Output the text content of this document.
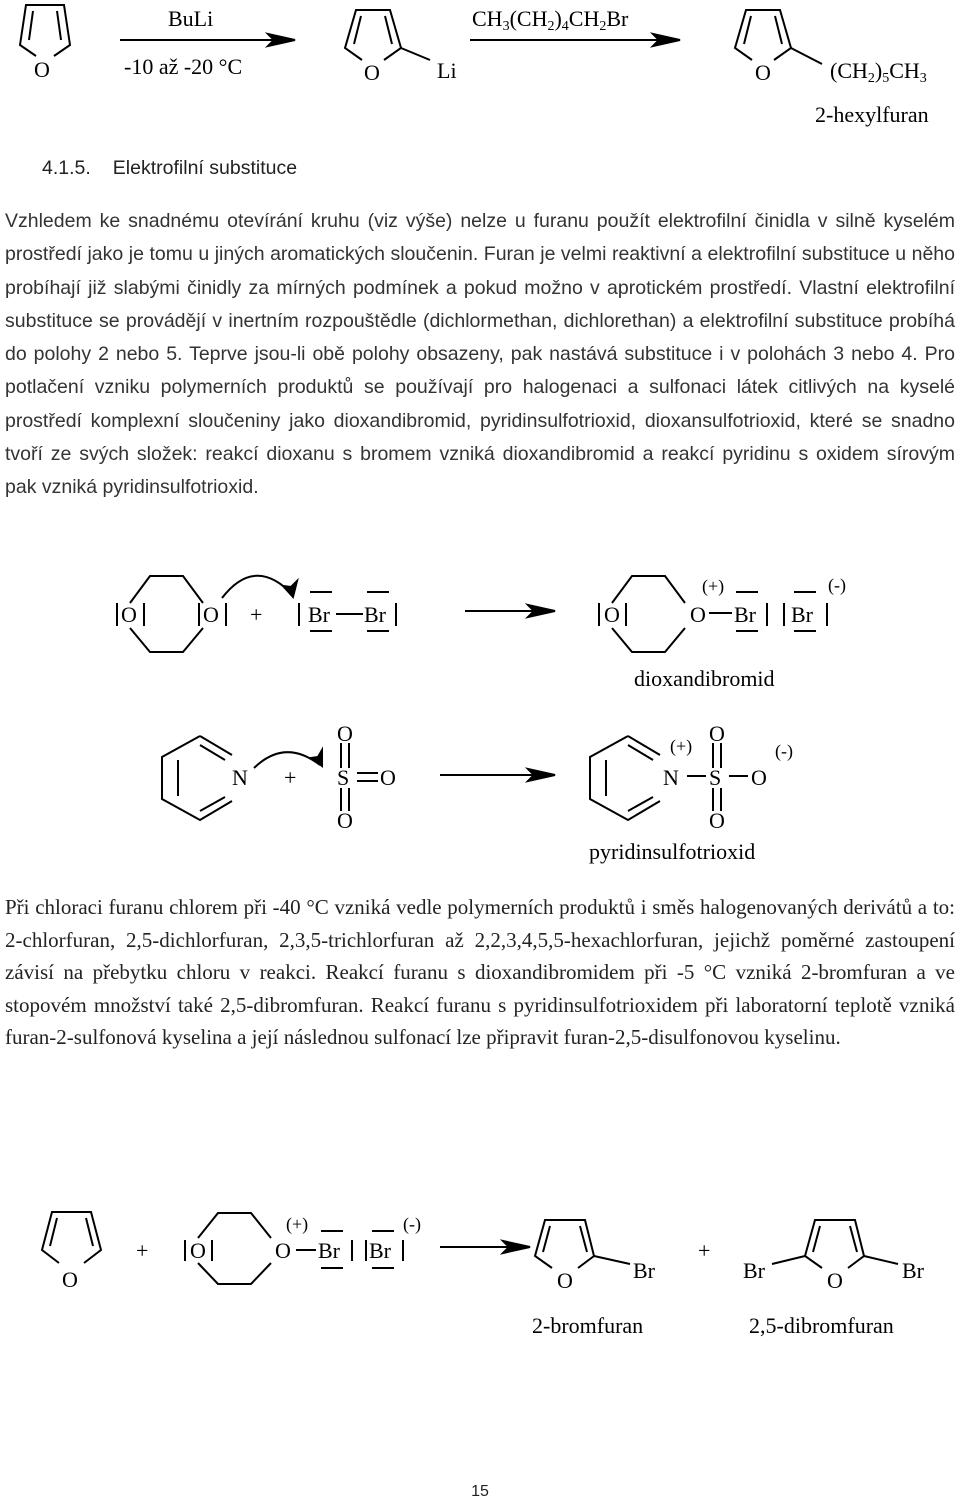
O
BuLi
-10 až -20 °C	O	Li
$CH_3(CH_2)_4CH_2Br$
O	$(CH_2)_5CH_3$
2-hexylfuran
4.1.5. Elektrofilní substituce

Vzhledem ke snadnému otevírání kruhu (viz výše) nelze u furanu použít elektrofilní činidla v silně kyselém prostředí jako je tomu u jiných aromatických sloučenin. Furan je velmi reaktivní a elektrofilní substituce u něho probíhají již slabými činidly za mírných podmínek a pokud možno v aprotickém prostředí. Vlastní elektrofilní substituce se provádějí v inertním rozpouštědle (dichlormethan, dichlorethan) a elektrofilní substituce probíhá do polohy 2 nebo 5. Teprve jsou-li obě polohy obsazeny, pak nastává substituce i v polohách 3 nebo 4. Pro potlačení vzniku polymerních produktů se používají pro halogenaci a sulfonaci látek citlivých na kyselé prostředí komplexní sloučeniny jako dioxandibromid, pyridinsulfotrioxid, dioxansulfotrioxid, které se snadno tvoří ze svých složek: reakcí dioxanu s bromem vzniká dioxandibromid a reakcí pyridinu s oxidem sírovým pak vzniká pyridinsulfotrioxid.

O	O + Br Br	O	O Br Br
(+)	(-)
dioxandibromid
N + S
O
O
O
N S
O
O
O
(+)	(-)
pyridinsulfotrioxid

Při chloraci furanu chlorem při -40 °C vzniká vedle polymerních produktů i směs halogenovaných derivátů a to: 2-chlorfuran, 2,5-dichlorfuran, 2,3,5-trichlorfuran až 2,2,3,4,5,5-hexachlorfuran, jejichž poměrné zastoupení závisí na přebytku chloru v reakci. Reakcí furanu s dioxandibromidem při -5 °C vzniká 2-bromfuran a ve stopovém množství také 2,5-dibromfuran. Reakcí furanu s pyridinsulfotrioxidem při laboratorní teplotě vzniká furan-2-sulfonová kyselina a její následnou sulfonací lze připravit furan-2,5-disulfonovou kyselinu.

O
+ O	O Br Br
(+)	(-)
O	Br
+
Br	O	Br
2-bromfuran	2,5-dibromfuran
15
